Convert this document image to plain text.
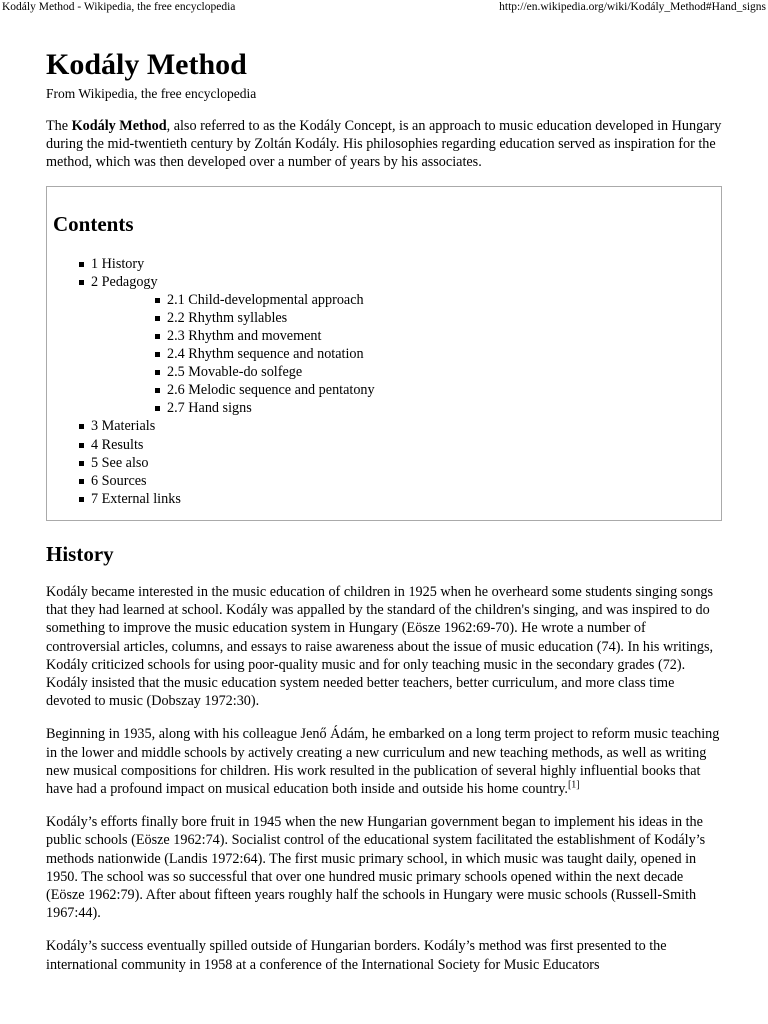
Kodály Method - Wikipedia, the free encyclopedia	http://en.wikipedia.org/wiki/Kodály_Method#Hand_signs
Kodály Method
From Wikipedia, the free encyclopedia

The Kodály Method, also referred to as the Kodály Concept, is an approach to music education developed in Hungary during the mid-twentieth century by Zoltán Kodály. His philosophies regarding education served as inspiration for the method, which was then developed over a number of years by his associates.

Contents
1 History
2 Pedagogy
2.1 Child-developmental approach
2.2 Rhythm syllables
2.3 Rhythm and movement
2.4 Rhythm sequence and notation
2.5 Movable-do solfege
2.6 Melodic sequence and pentatony
2.7 Hand signs
3 Materials
4 Results
5 See also
6 Sources
7 External links
History

Kodály became interested in the music education of children in 1925 when he overheard some students singing songs that they had learned at school. Kodály was appalled by the standard of the children's singing, and was inspired to do something to improve the music education system in Hungary (Eösze 1962:69-70). He wrote a number of controversial articles, columns, and essays to raise awareness about the issue of music education (74). In his writings, Kodály criticized schools for using poor-quality music and for only teaching music in the secondary grades (72). Kodály insisted that the music education system needed better teachers, better curriculum, and more class time devoted to music (Dobszay 1972:30).

Beginning in 1935, along with his colleague Jenő Ádám, he embarked on a long term project to reform music teaching in the lower and middle schools by actively creating a new curriculum and new teaching methods, as well as writing new musical compositions for children. His work resulted in the publication of several highly influential books that have had a profound impact on musical education both inside and outside his home country.[1]

Kodály’s efforts finally bore fruit in 1945 when the new Hungarian government began to implement his ideas in the public schools (Eösze 1962:74). Socialist control of the educational system facilitated the establishment of Kodály’s methods nationwide (Landis 1972:64). The first music primary school, in which music was taught daily, opened in 1950. The school was so successful that over one hundred music primary schools opened within the next decade (Eösze 1962:79). After about fifteen years roughly half the schools in Hungary were music schools (Russell-Smith 1967:44).

Kodály’s success eventually spilled outside of Hungarian borders. Kodály’s method was first presented to the international community in 1958 at a conference of the International Society for Music Educators
